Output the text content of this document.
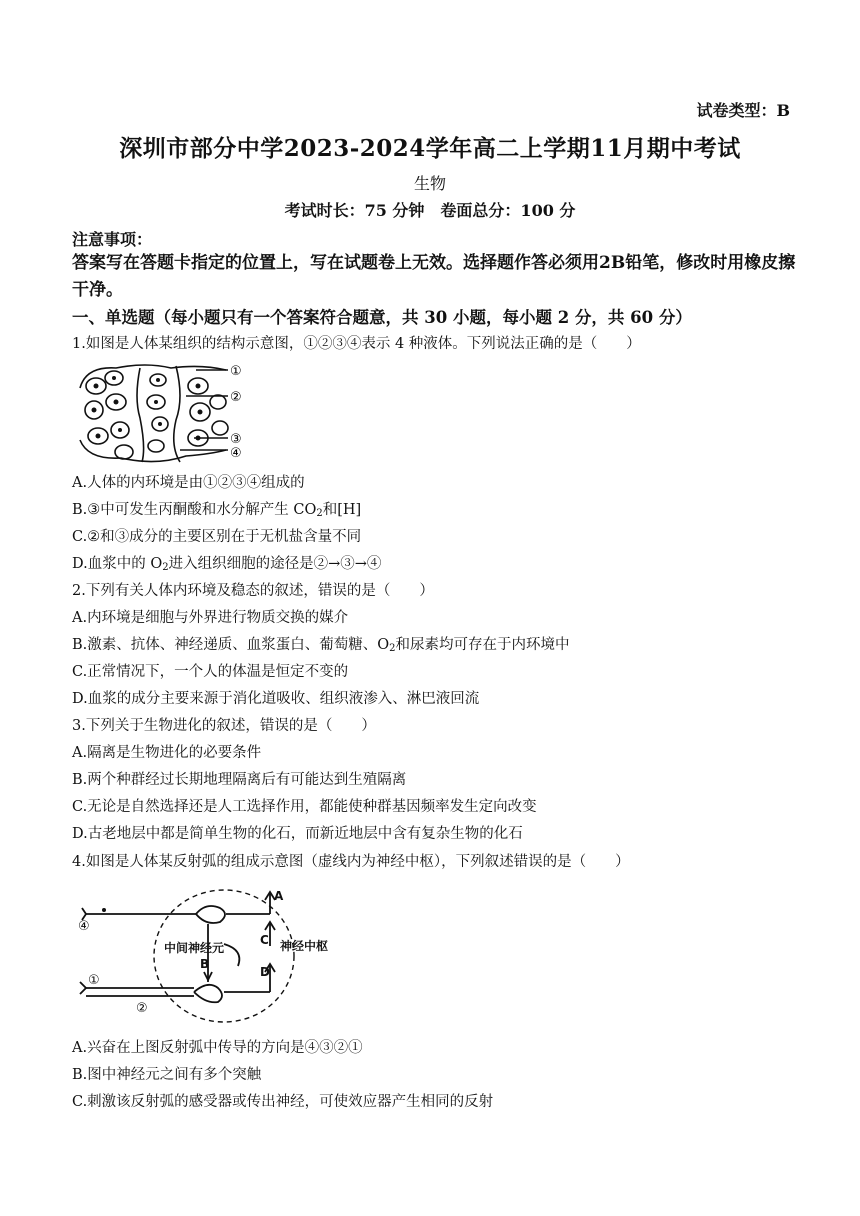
试卷类型：B
深圳市部分中学2023-2024学年高二上学期11月期中考试
生物
考试时长：75 分钟　卷面总分：100 分
注意事项：
答案写在答题卡指定的位置上，写在试题卷上无效。选择题作答必须用2B铅笔，修改时用橡皮擦干净。
一、单选题（每小题只有一个答案符合题意，共 30 小题，每小题 2 分，共 60 分）
1.如图是人体某组织的结构示意图，①②③④表示 4 种液体。下列说法正确的是（　　）
①
②
③
④
A.人体的内环境是由①②③④组成的
B.③中可发生丙酮酸和水分解产生 $CO_2$和[H]
C.②和③成分的主要区别在于无机盐含量不同
D.血浆中的 $O_2$进入组织细胞的途径是②→③→④
2.下列有关人体内环境及稳态的叙述，错误的是（　　）
A.内环境是细胞与外界进行物质交换的媒介
B.激素、抗体、神经递质、血浆蛋白、葡萄糖、$O_2$和尿素均可存在于内环境中
C.正常情况下，一个人的体温是恒定不变的
D.血浆的成分主要来源于消化道吸收、组织液渗入、淋巴液回流
3.下列关于生物进化的叙述，错误的是（　　）
A.隔离是生物进化的必要条件
B.两个种群经过长期地理隔离后有可能达到生殖隔离
C.无论是自然选择还是人工选择作用，都能使种群基因频率发生定向改变
D.古老地层中都是简单生物的化石，而新近地层中含有复杂生物的化石
4.如图是人体某反射弧的组成示意图（虚线内为神经中枢），下列叙述错误的是（　　）
A
C
D
B
中间神经元	神经中枢
④
①
②
A.兴奋在上图反射弧中传导的方向是④③②①
B.图中神经元之间有多个突触
C.刺激该反射弧的感受器或传出神经，可使效应器产生相同的反射
